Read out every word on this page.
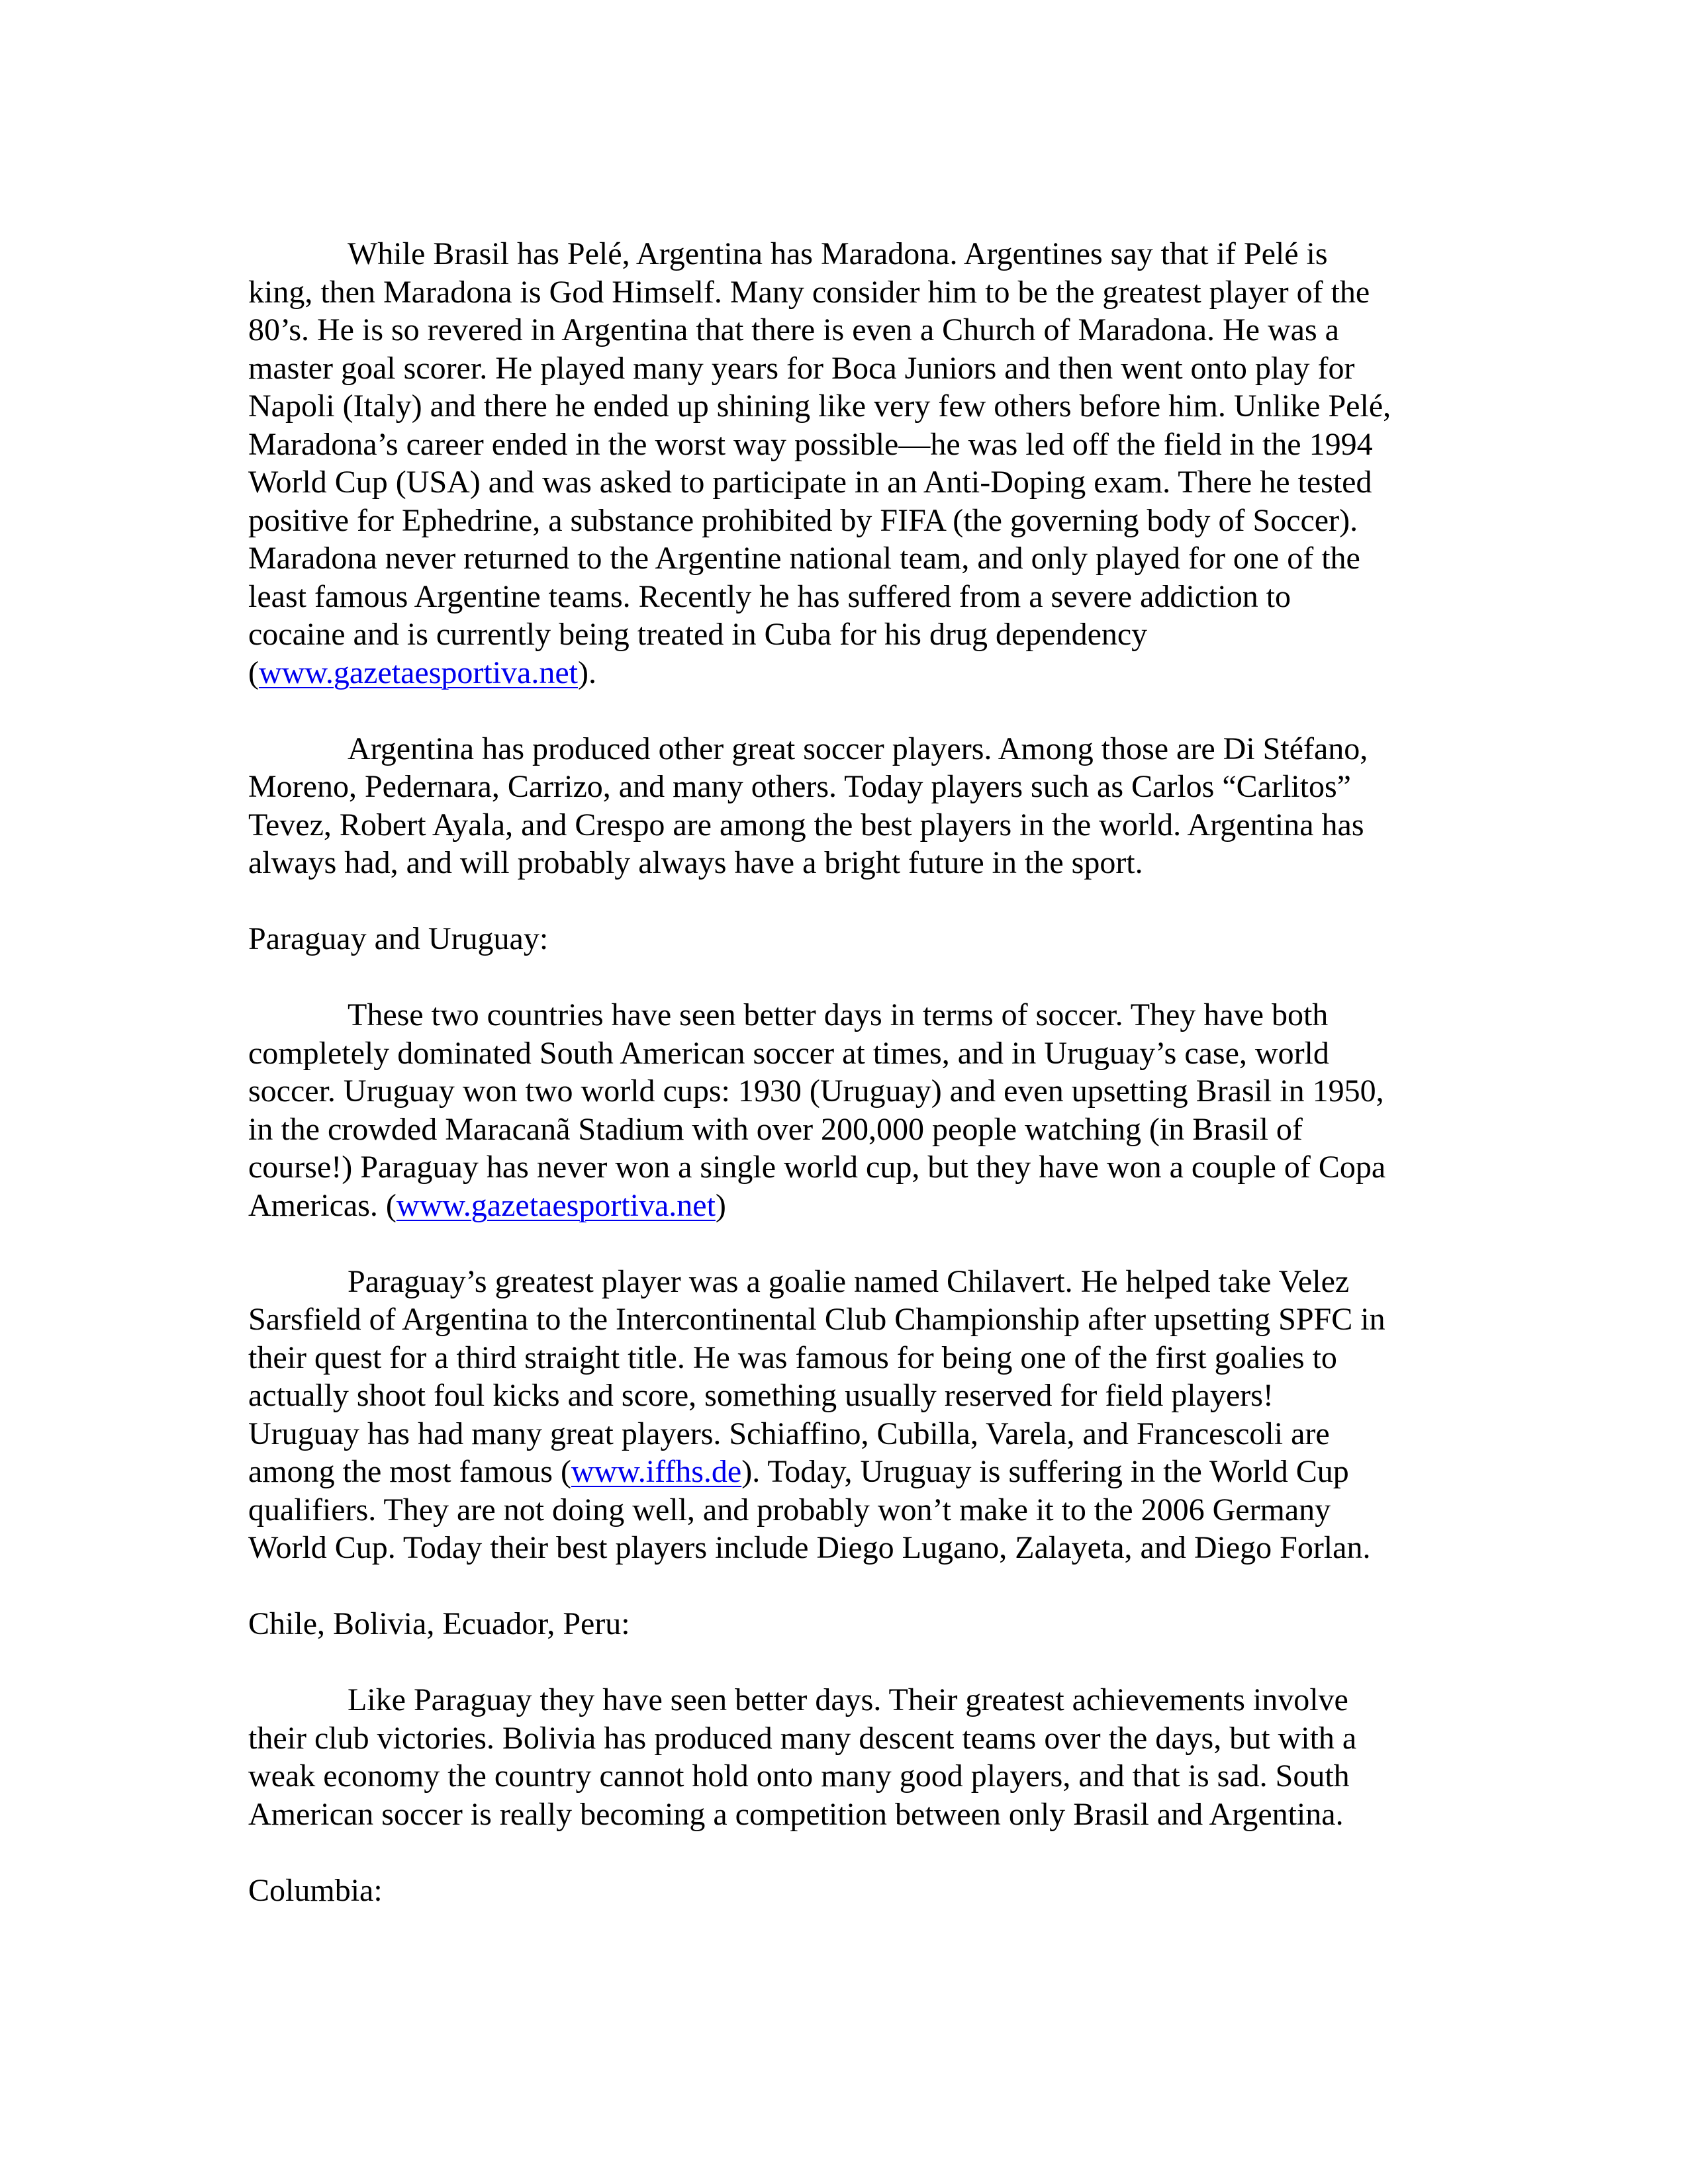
While Brasil has Pelé, Argentina has Maradona. Argentines say that if Pelé is
king, then Maradona is God Himself. Many consider him to be the greatest player of the
80’s. He is so revered in Argentina that there is even a Church of Maradona. He was a
master goal scorer. He played many years for Boca Juniors and then went onto play for
Napoli (Italy) and there he ended up shining like very few others before him. Unlike Pelé,
Maradona’s career ended in the worst way possible—he was led off the field in the 1994
World Cup (USA) and was asked to participate in an Anti-Doping exam. There he tested
positive for Ephedrine, a substance prohibited by FIFA (the governing body of Soccer).
Maradona never returned to the Argentine national team, and only played for one of the
least famous Argentine teams. Recently he has suffered from a severe addiction to
cocaine and is currently being treated in Cuba for his drug dependency
(www.gazetaesportiva.net).
Argentina has produced other great soccer players. Among those are Di Stéfano,
Moreno, Pedernara, Carrizo, and many others. Today players such as Carlos “Carlitos”
Tevez, Robert Ayala, and Crespo are among the best players in the world. Argentina has
always had, and will probably always have a bright future in the sport.
Paraguay and Uruguay:
These two countries have seen better days in terms of soccer. They have both
completely dominated South American soccer at times, and in Uruguay’s case, world
soccer. Uruguay won two world cups: 1930 (Uruguay) and even upsetting Brasil in 1950,
in the crowded Maracanã Stadium with over 200,000 people watching (in Brasil of
course!) Paraguay has never won a single world cup, but they have won a couple of Copa
Americas. (www.gazetaesportiva.net)
Paraguay’s greatest player was a goalie named Chilavert. He helped take Velez
Sarsfield of Argentina to the Intercontinental Club Championship after upsetting SPFC in
their quest for a third straight title. He was famous for being one of the first goalies to
actually shoot foul kicks and score, something usually reserved for field players!
Uruguay has had many great players. Schiaffino, Cubilla, Varela, and Francescoli are
among the most famous (www.iffhs.de). Today, Uruguay is suffering in the World Cup
qualifiers. They are not doing well, and probably won’t make it to the 2006 Germany
World Cup. Today their best players include Diego Lugano, Zalayeta, and Diego Forlan.
Chile, Bolivia, Ecuador, Peru:
Like Paraguay they have seen better days. Their greatest achievements involve
their club victories. Bolivia has produced many descent teams over the days, but with a
weak economy the country cannot hold onto many good players, and that is sad. South
American soccer is really becoming a competition between only Brasil and Argentina.
Columbia:
